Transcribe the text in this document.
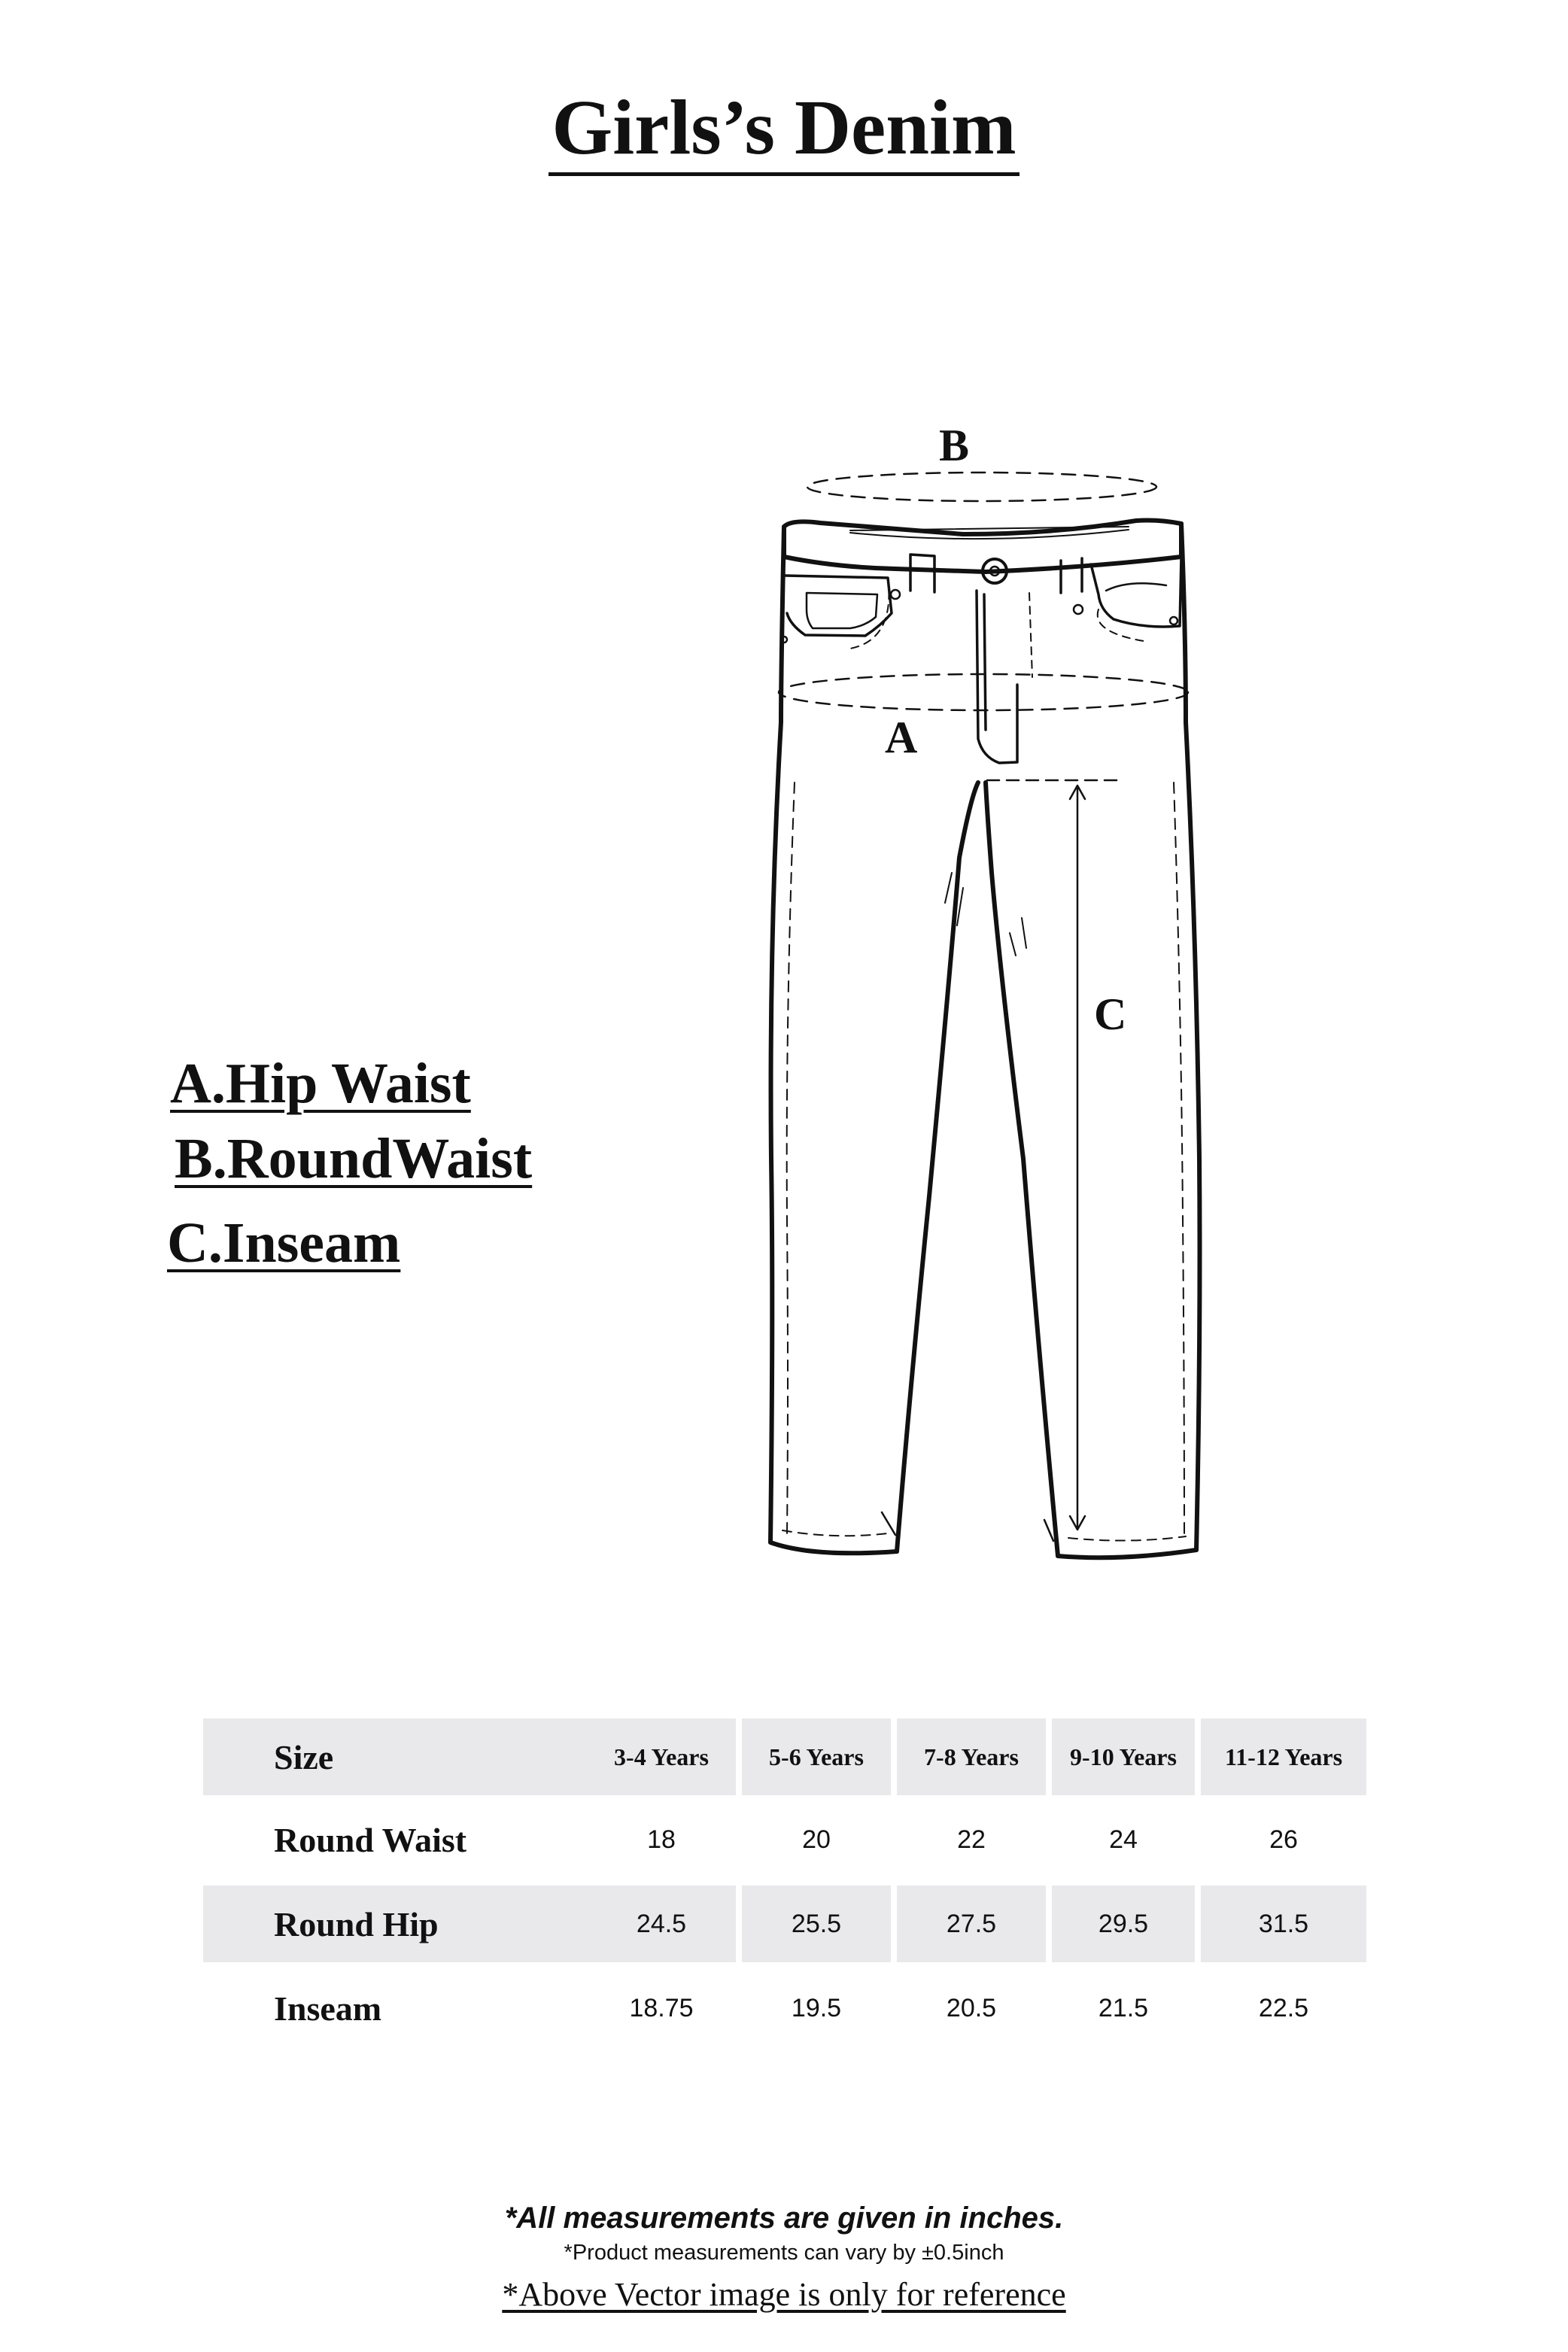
Girls’s Denim
B
A
C
A.Hip Waist
B.RoundWaist
C.Inseam
Size	3-4 Years	5-6 Years	7-8 Years	9-10 Years	11-12 Years
Round Waist	18	20	22	24	26
Round Hip	24.5	25.5	27.5	29.5	31.5
Inseam	18.75	19.5	20.5	21.5	22.5
*All measurements are given in inches.
*Product measurements can vary by ±0.5inch
*Above Vector image is only for reference
